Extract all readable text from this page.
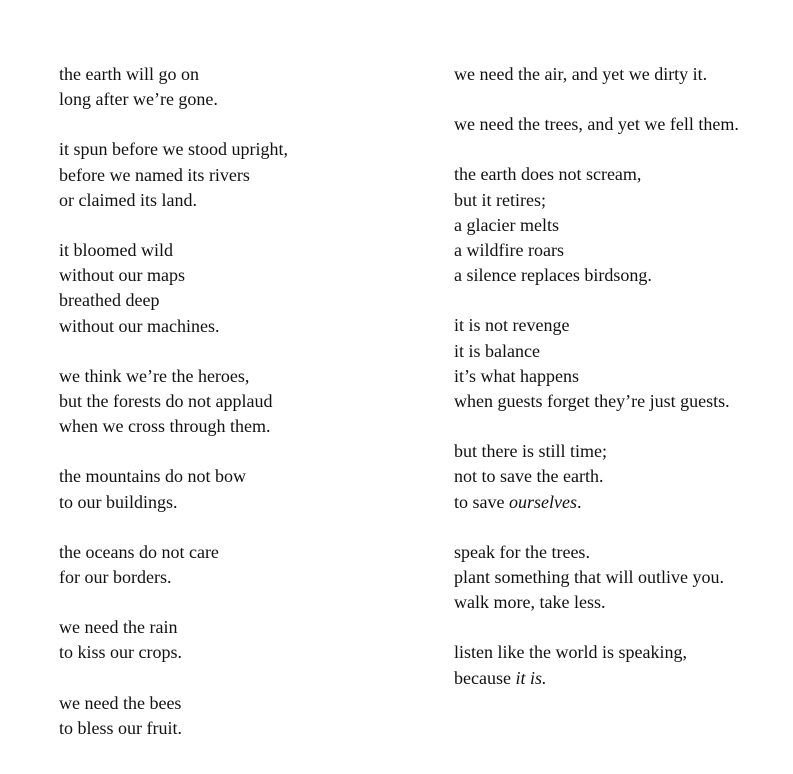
the earth will go on
long after we’re gone.
it spun before we stood upright,
before we named its rivers
or claimed its land.
it bloomed wild
without our maps
breathed deep
without our machines.
we think we’re the heroes,
but the forests do not applaud
when we cross through them.
the mountains do not bow
to our buildings.
the oceans do not care
for our borders.
we need the rain
to kiss our crops.
we need the bees
to bless our fruit.
we need the air, and yet we dirty it.
we need the trees, and yet we fell them.
the earth does not scream,
but it retires;
a glacier melts
a wildfire roars
a silence replaces birdsong.
it is not revenge
it is balance
it’s what happens
when guests forget they’re just guests.
but there is still time;
not to save the earth.
to save ourselves.
speak for the trees.
plant something that will outlive you.
walk more, take less.
listen like the world is speaking,
because it is.
